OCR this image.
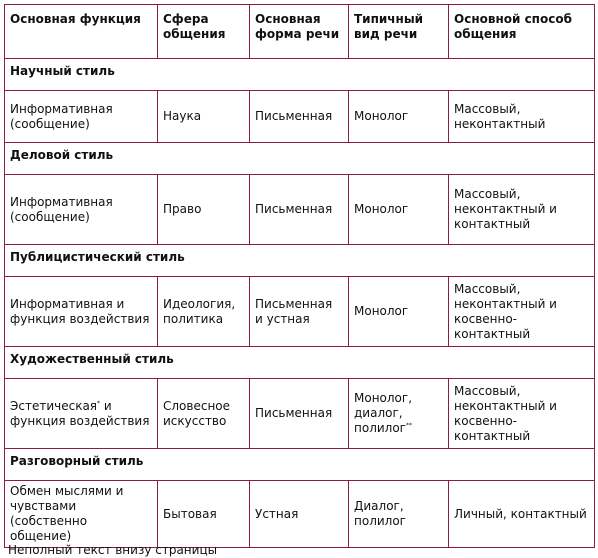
Основная функция	Сфера общения	Основная форма речи	Типичный вид речи	Основной способ общения
Научный стиль				
Информативная (сообщение)	Наука	Письменная	Монолог	Массовый, неконтактный
Деловой стиль				
Информативная (сообщение)	Право	Письменная	Монолог	Массовый, неконтактный и контактный
Публицистический стиль				
Информативная и функция воздействия	Идеология, политика	Письменная и устная	Монолог	Массовый, неконтактный и косвенно-контактный
Художественный стиль				
Эстетическая* и функция воздействия	Словесное искусство	Письменная	Монолог, диалог, полилог**	Массовый, неконтактный и косвенно-контактный
Разговорный стиль				
Обмен мыслями и чувствами (собственно общение)	Бытовая	Устная	Диалог, полилог	Личный, контактный
Неполный текст внизу страницы
